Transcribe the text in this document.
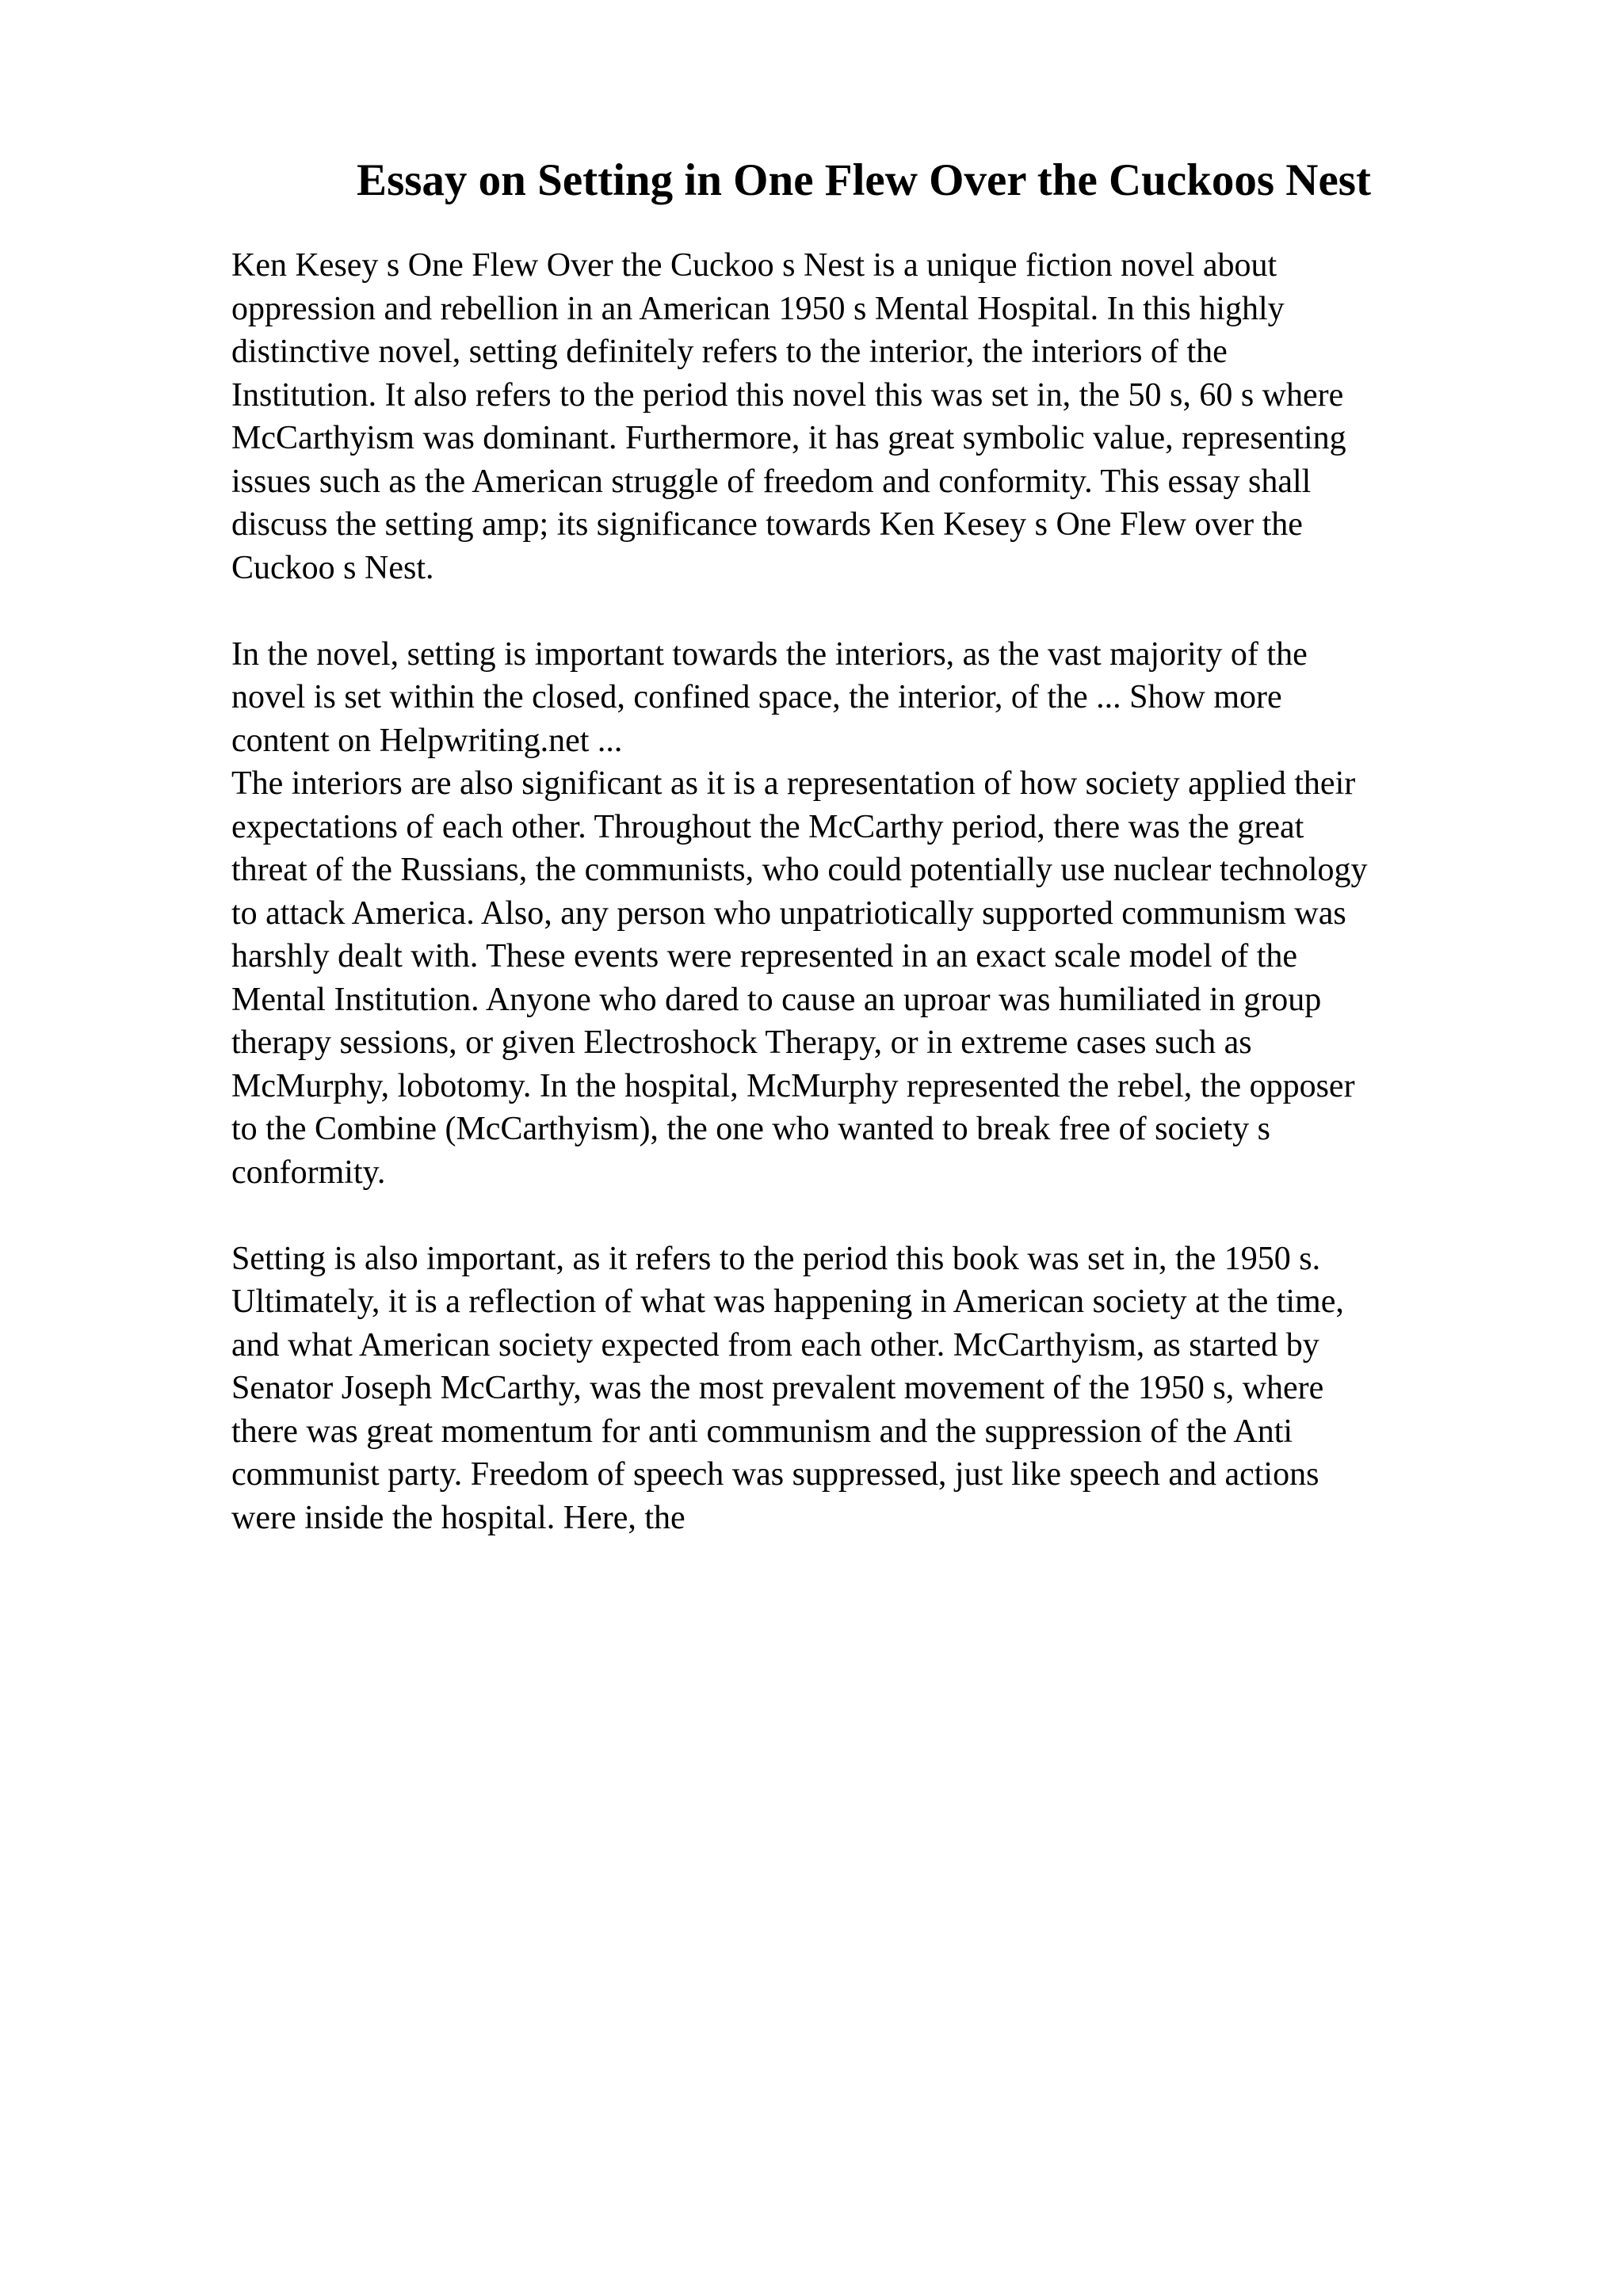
Essay on Setting in One Flew Over the Cuckoos Nest

Ken Kesey s One Flew Over the Cuckoo s Nest is a unique fiction novel about
oppression and rebellion in an American 1950 s Mental Hospital. In this highly
distinctive novel, setting definitely refers to the interior, the interiors of the
Institution. It also refers to the period this novel this was set in, the 50 s, 60 s where
McCarthyism was dominant. Furthermore, it has great symbolic value, representing
issues such as the American struggle of freedom and conformity. This essay shall
discuss the setting amp; its significance towards Ken Kesey s One Flew over the
Cuckoo s Nest.

In the novel, setting is important towards the interiors, as the vast majority of the
novel is set within the closed, confined space, the interior, of the ... Show more
content on Helpwriting.net ...

The interiors are also significant as it is a representation of how society applied their
expectations of each other. Throughout the McCarthy period, there was the great
threat of the Russians, the communists, who could potentially use nuclear technology
to attack America. Also, any person who unpatriotically supported communism was
harshly dealt with. These events were represented in an exact scale model of the
Mental Institution. Anyone who dared to cause an uproar was humiliated in group
therapy sessions, or given Electroshock Therapy, or in extreme cases such as
McMurphy, lobotomy. In the hospital, McMurphy represented the rebel, the opposer
to the Combine (McCarthyism), the one who wanted to break free of society s
conformity.

Setting is also important, as it refers to the period this book was set in, the 1950 s.
Ultimately, it is a reflection of what was happening in American society at the time,
and what American society expected from each other. McCarthyism, as started by
Senator Joseph McCarthy, was the most prevalent movement of the 1950 s, where
there was great momentum for anti communism and the suppression of the Anti
communist party. Freedom of speech was suppressed, just like speech and actions
were inside the hospital. Here, the
